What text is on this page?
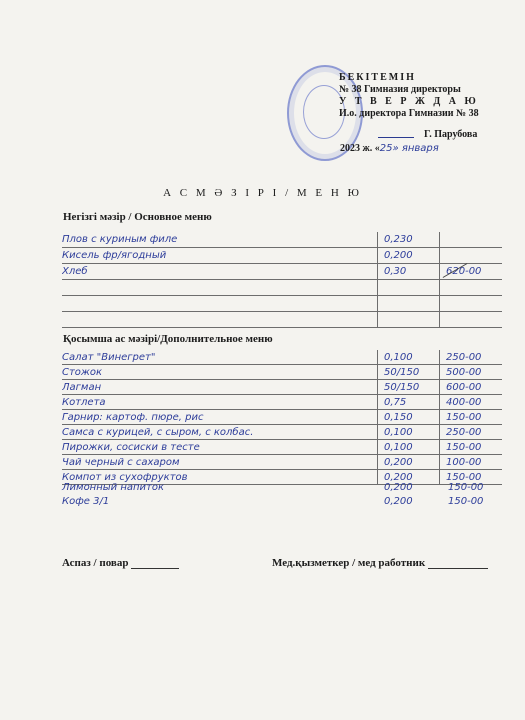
БЕКІТЕМІН
№ 38 Гимназия директоры
У Т В Е Р Ж Д А Ю
И.о. директора Гимназии № 38
Г. Парубова
2023 ж. «25» января
А С М Ә З І Р І / М Е Н Ю
Негізгі мәзір / Основное меню
Плов с куриным филе	0,230	
Кисель фр/ягодный	0,200	
Хлеб	0,30	620-00

Қосымша ас мәзірі/Дополнительное меню
Салат "Винегрет"	0,100	250-00
Стожок	50/150	500-00
Лагман	50/150	600-00
Котлета	0,75	400-00
Гарнир: картоф. пюре, рис	0,150	150-00
Самса с курицей, с сыром, с колбас.	0,100	250-00
Пирожки, сосиски в тесте	0,100	150-00
Чай черный с сахаром	0,200	100-00
Компот из сухофруктов	0,200	150-00
Лимонный напиток	0,200	150-00
Кофе 3/1	0,200	150-00
Аспаз / повар	Мед.қызметкер / мед работник
